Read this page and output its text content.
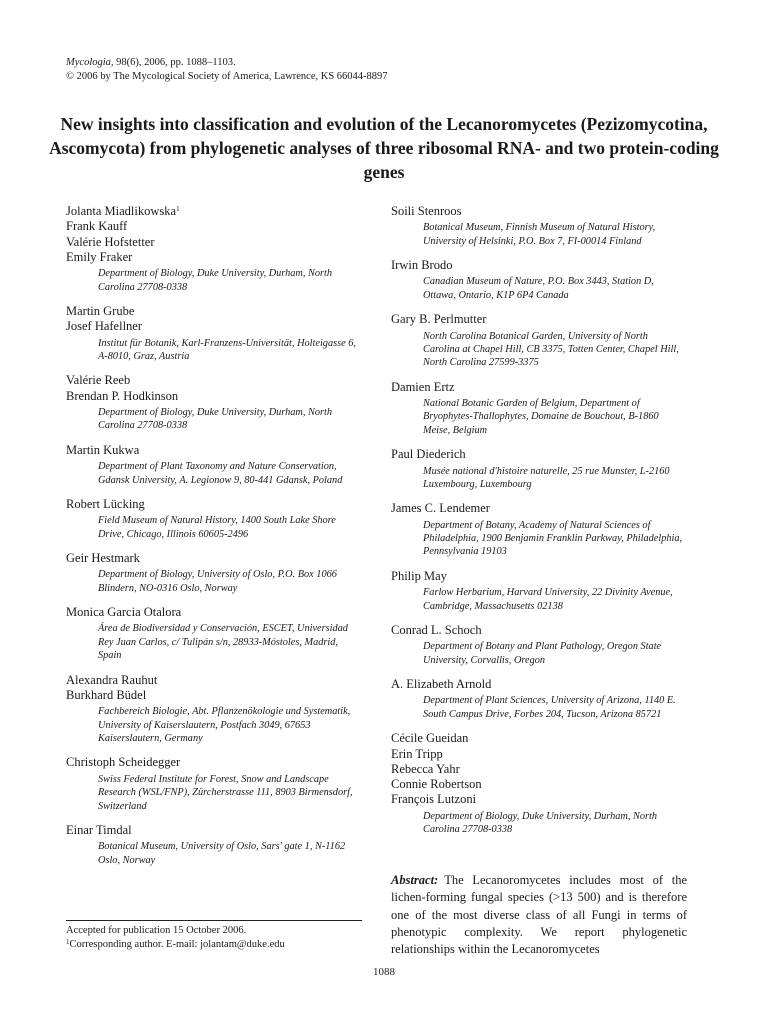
Mycologia, 98(6), 2006, pp. 1088–1103.
© 2006 by The Mycological Society of America, Lawrence, KS 66044-8897
New insights into classification and evolution of the Lecanoromycetes (Pezizomycotina, Ascomycota) from phylogenetic analyses of three ribosomal RNA- and two protein-coding genes
Jolanta Miadlikowska$^1$
Frank Kauff
Valérie Hofstetter
Emily Fraker
Department of Biology, Duke University, Durham, North Carolina 27708-0338
Martin Grube
Josef Hafellner
Institut für Botanik, Karl-Franzens-Universität, Holteigasse 6, A-8010, Graz, Austria
Valérie Reeb
Brendan P. Hodkinson
Department of Biology, Duke University, Durham, North Carolina 27708-0338
Martin Kukwa
Department of Plant Taxonomy and Nature Conservation, Gdansk University, A. Legionow 9, 80-441 Gdansk, Poland
Robert Lücking
Field Museum of Natural History, 1400 South Lake Shore Drive, Chicago, Illinois 60605-2496
Geir Hestmark
Department of Biology, University of Oslo, P.O. Box 1066 Blindern, NO-0316 Oslo, Norway
Monica Garcia Otalora
Área de Biodiversidad y Conservación, ESCET, Universidad Rey Juan Carlos, c/ Tulipán s/n, 28933-Móstoles, Madrid, Spain
Alexandra Rauhut
Burkhard Büdel
Fachbereich Biologie, Abt. Pflanzenökologie und Systematik, University of Kaiserslautern, Postfach 3049, 67653 Kaiserslautern, Germany
Christoph Scheidegger
Swiss Federal Institute for Forest, Snow and Landscape Research (WSL/FNP), Zürcherstrasse 111, 8903 Birmensdorf, Switzerland
Einar Timdal
Botanical Museum, University of Oslo, Sars' gate 1, N-1162 Oslo, Norway
Soili Stenroos
Botanical Museum, Finnish Museum of Natural History, University of Helsinki, P.O. Box 7, FI-00014 Finland
Irwin Brodo
Canadian Museum of Nature, P.O. Box 3443, Station D, Ottawa, Ontario, K1P 6P4 Canada
Gary B. Perlmutter
North Carolina Botanical Garden, University of North Carolina at Chapel Hill, CB 3375, Totten Center, Chapel Hill, North Carolina 27599-3375
Damien Ertz
National Botanic Garden of Belgium, Department of Bryophytes-Thallophytes, Domaine de Bouchout, B-1860 Meise, Belgium
Paul Diederich
Musée national d'histoire naturelle, 25 rue Munster, L-2160 Luxembourg, Luxembourg
James C. Lendemer
Department of Botany, Academy of Natural Sciences of Philadelphia, 1900 Benjamin Franklin Parkway, Philadelphia, Pennsylvania 19103
Philip May
Farlow Herbarium, Harvard University, 22 Divinity Avenue, Cambridge, Massachusetts 02138
Conrad L. Schoch
Department of Botany and Plant Pathology, Oregon State University, Corvallis, Oregon
A. Elizabeth Arnold
Department of Plant Sciences, University of Arizona, 1140 E. South Campus Drive, Forbes 204, Tucson, Arizona 85721
Cécile Gueidan
Erin Tripp
Rebecca Yahr
Connie Robertson
François Lutzoni
Department of Biology, Duke University, Durham, North Carolina 27708-0338

Abstract: The Lecanoromycetes includes most of the lichen-forming fungal species (>13 500) and is therefore one of the most diverse class of all Fungi in terms of phenotypic complexity. We report phylogenetic relationships within the Lecanoromycetes

Accepted for publication 15 October 2006.
$^1$Corresponding author. E-mail: jolantam@duke.edu
1088
